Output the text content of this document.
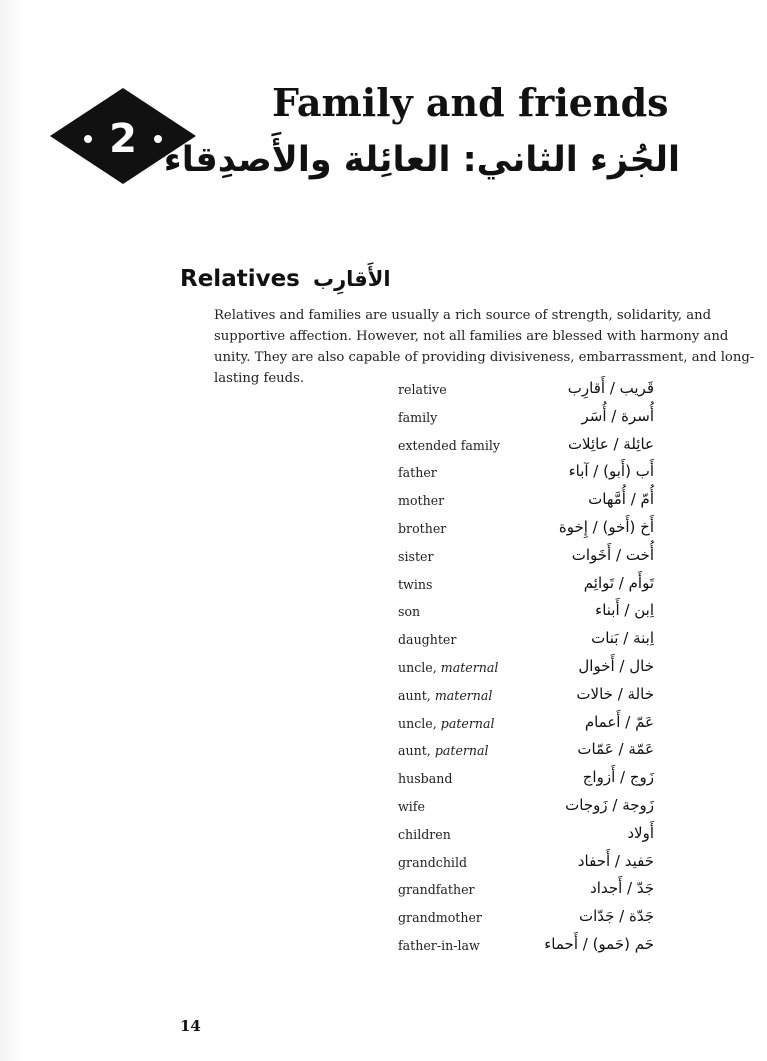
2
Family and friends
الجُزء الثاني: العائِلة والأَصدِقاء
Relatives الأَقارِب

Relatives and families are usually a rich source of strength, solidarity, and supportive affection. However, not all families are blessed with harmony and unity. They are also capable of providing divisiveness, embarrassment, and long-lasting feuds.

relative	قَريب / أَقارِب
family	أُسرة / أُسَر
extended family	عائِلة / عائِلات
father	أَب (أَبو) / آباء
mother	أُمّ / أُمَّهات
brother	أَخ (أَخو) / إِخوة
sister	أُخت / أَخَوات
twins	تَوأَم / تَوائِم
son	اِبن / أَبناء
daughter	اِبنة / بَنات
uncle, maternal	خال / أَخوال
aunt, maternal	خالة / خالات
uncle, paternal	عَمّ / أَعمام
aunt, paternal	عَمّة / عَمّات
husband	زَوج / أَزواج
wife	زَوجة / زَوجات
children	أَولاد
grandchild	حَفيد / أَحفاد
grandfather	جَدّ / أَجداد
grandmother	جَدّة / جَدّات
father-in-law	حَم (حَمو) / أَحماء
14
